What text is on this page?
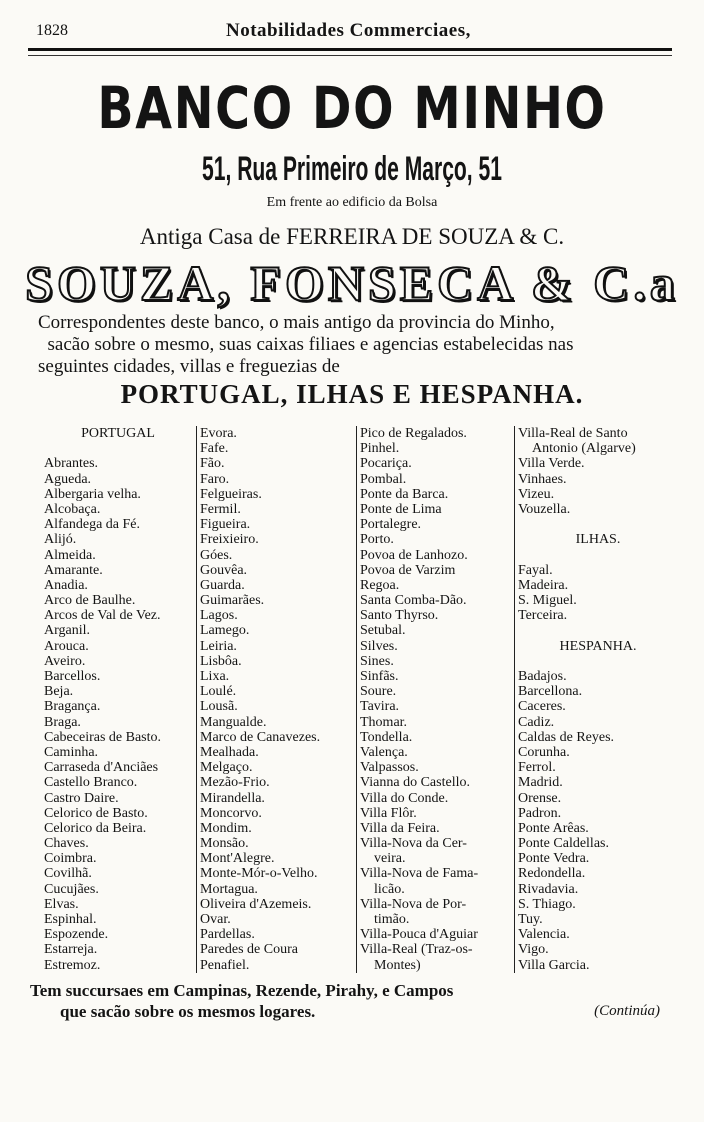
1828	Notabilidades Commerciaes,
BANCO DO MINHO
51, Rua Primeiro de Março, 51
Em frente ao edificio da Bolsa
Antiga Casa de FERREIRA DE SOUZA & C.
SOUZA, FONSECA & C.a
Correspondentes deste banco, o mais antigo da provincia do Minho,
sacão sobre o mesmo, suas caixas filiaes e agencias estabelecidas nas
seguintes cidades, villas e freguezias de
PORTUGAL, ILHAS E HESPANHA.
PORTUGAL
Abrantes.
Agueda.
Albergaria velha.
Alcobaça.
Alfandega da Fé.
Alijó.
Almeida.
Amarante.
Anadia.
Arco de Baulhe.
Arcos de Val de Vez.
Arganil.
Arouca.
Aveiro.
Barcellos.
Beja.
Bragança.
Braga.
Cabeceiras de Basto.
Caminha.
Carraseda d'Anciães
Castello Branco.
Castro Daire.
Celorico de Basto.
Celorico da Beira.
Chaves.
Coimbra.
Covilhã.
Cucujães.
Elvas.
Espinhal.
Espozende.
Estarreja.
Estremoz.
Evora.
Fafe.
Fão.
Faro.
Felgueiras.
Fermil.
Figueira.
Freixieiro.
Góes.
Gouvêa.
Guarda.
Guimarães.
Lagos.
Lamego.
Leiria.
Lisbôa.
Lixa.
Loulé.
Lousã.
Mangualde.
Marco de Canavezes.
Mealhada.
Melgaço.
Mezão-Frio.
Mirandella.
Moncorvo.
Mondim.
Monsão.
Mont'Alegre.
Monte-Mór-o-Velho.
Mortagua.
Oliveira d'Azemeis.
Ovar.
Pardellas.
Paredes de Coura
Penafiel.
Pico de Regalados.
Pinhel.
Pocariça.
Pombal.
Ponte da Barca.
Ponte de Lima
Portalegre.
Porto.
Povoa de Lanhozo.
Povoa de Varzim
Regoa.
Santa Comba-Dão.
Santo Thyrso.
Setubal.
Silves.
Sines.
Sinfãs.
Soure.
Tavira.
Thomar.
Tondella.
Valença.
Valpassos.
Vianna do Castello.
Villa do Conde.
Villa Flôr.
Villa da Feira.
Villa-Nova da Cer-
veira.
Villa-Nova de Fama-
licão.
Villa-Nova de Por-
timão.
Villa-Pouca d'Aguiar
Villa-Real (Traz-os-
Montes)
Villa-Real de Santo
Antonio (Algarve)
Villa Verde.
Vinhaes.
Vizeu.
Vouzella.
ILHAS.
Fayal.
Madeira.
S. Miguel.
Terceira.
HESPANHA.
Badajos.
Barcellona.
Caceres.
Cadiz.
Caldas de Reyes.
Corunha.
Ferrol.
Madrid.
Orense.
Padron.
Ponte Arêas.
Ponte Caldellas.
Ponte Vedra.
Redondella.
Rivadavia.
S. Thiago.
Tuy.
Valencia.
Vigo.
Villa Garcia.
Tem succursaes em Campinas, Rezende, Pirahy, e Campos
que sacão sobre os mesmos logares.	(Continúa)
